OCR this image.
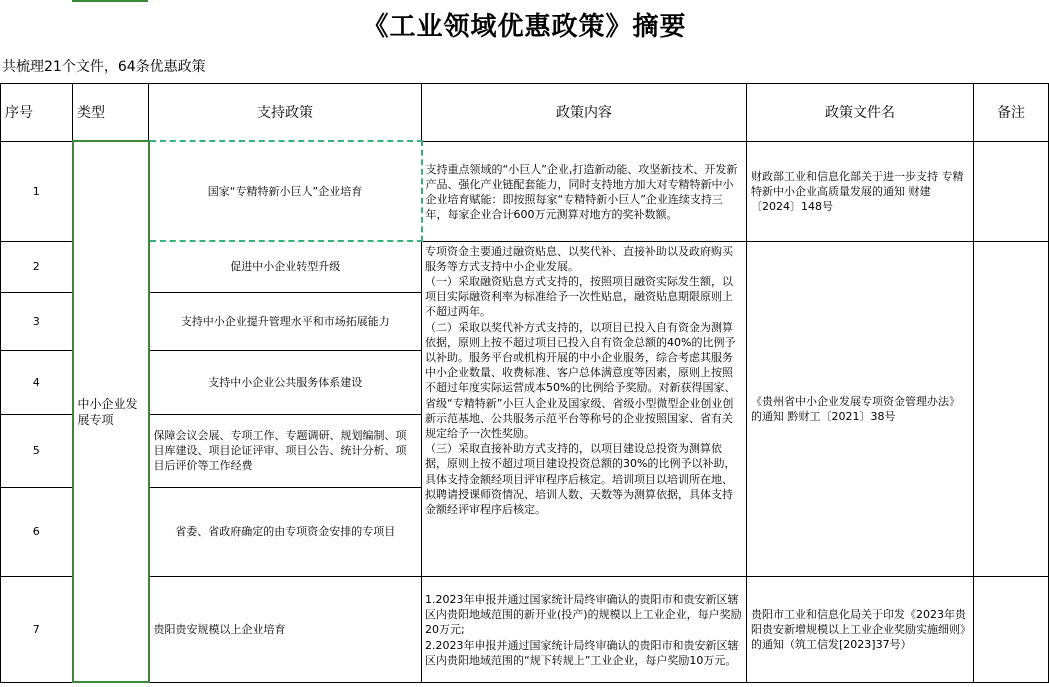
《工业领域优惠政策》摘要
共梳理21个文件，64条优惠政策
序号	类型	支持政策	政策内容	政策文件名	备注
1	中小企业发展专项	国家“专精特新小巨人”企业培育	支持重点领域的“小巨人”企业,打造新动能、攻坚新技术、开发新产品、强化产业链配套能力，同时支持地方加大对专精特新中小企业培育赋能：即按照每家“专精特新小巨人”企业连续支持三年，每家企业合计600万元测算对地方的奖补数额。	财政部工业和信息化部关于进一步支持 专精特新中小企业高质量发展的通知 财建〔2024〕148号	
2		促进中小企业转型升级	专项资金主要通过融资贴息、以奖代补、直接补助以及政府购买服务等方式支持中小企业发展。
（一）采取融资贴息方式支持的，按照项目融资实际发生额，以项目实际融资利率为标准给予一次性贴息，融资贴息期限原则上不超过两年。
（二）采取以奖代补方式支持的，以项目已投入自有资金为测算依据，原则上按不超过项目已投入自有资金总额的40%的比例予以补助。服务平台或机构开展的中小企业服务，综合考虑其服务中小企业数量、收费标准、客户总体满意度等因素，原则上按照不超过年度实际运营成本50%的比例给予奖励。对新获得国家、省级“专精特新”小巨人企业及国家级、省级小型微型企业创业创新示范基地、公共服务示范平台等称号的企业按照国家、省有关规定给予一次性奖励。
（三）采取直接补助方式支持的，以项目建设总投资为测算依据，原则上按不超过项目建设投资总额的30%的比例予以补助，具体支持金额经项目评审程序后核定。培训项目以培训所在地、拟聘请授课师资情况、培训人数、天数等为测算依据，具体支持金额经评审程序后核定。	《贵州省中小企业发展专项资金管理办法》的通知 黔财工〔2021〕38号	
3		支持中小企业提升管理水平和市场拓展能力			
4		支持中小企业公共服务体系建设			
5		保障会议会展、专项工作、专题调研、规划编制、项目库建设、项目论证评审、项目公告、统计分析、项目后评价等工作经费			
6		省委、省政府确定的由专项资金安排的专项目			
7		贵阳贵安规模以上企业培育	1.2023年申报并通过国家统计局终审确认的贵阳市和贵安新区辖区内贵阳地域范围的新开业(投产)的规模以上工业企业，每户奖励20万元;
2.2023年申报并通过国家统计局终审确认的贵阳市和贵安新区辖区内贵阳地域范围的“规下转规上”工业企业，每户奖励10万元。	贵阳市工业和信息化局关于印发《2023年贵阳贵安新增规模以上工业企业奖励实施细则》的通知（筑工信发[2023]37号）	
